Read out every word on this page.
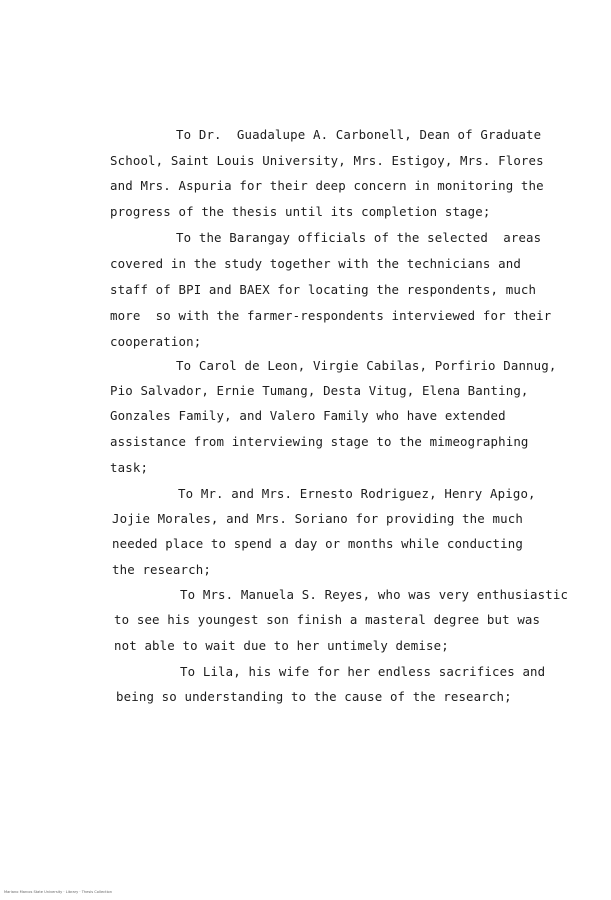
To Dr.  Guadalupe A. Carbonell, Dean of Graduate
School, Saint Louis University, Mrs. Estigoy, Mrs. Flores
and Mrs. Aspuria for their deep concern in monitoring the
progress of the thesis until its completion stage;
To the Barangay officials of the selected  areas
covered in the study together with the technicians and
staff of BPI and BAEX for locating the respondents, much
more  so with the farmer-respondents interviewed for their
cooperation;
To Carol de Leon, Virgie Cabilas, Porfirio Dannug,
Pio Salvador, Ernie Tumang, Desta Vitug, Elena Banting,
Gonzales Family, and Valero Family who have extended
assistance from interviewing stage to the mimeographing
task;
To Mr. and Mrs. Ernesto Rodriguez, Henry Apigo,
Jojie Morales, and Mrs. Soriano for providing the much
needed place to spend a day or months while conducting
the research;
To Mrs. Manuela S. Reyes, who was very enthusiastic
to see his youngest son finish a masteral degree but was
not able to wait due to her untimely demise;
To Lila, his wife for her endless sacrifices and
being so understanding to the cause of the research;
Mariano Marcos State University · Library · Thesis Collection
